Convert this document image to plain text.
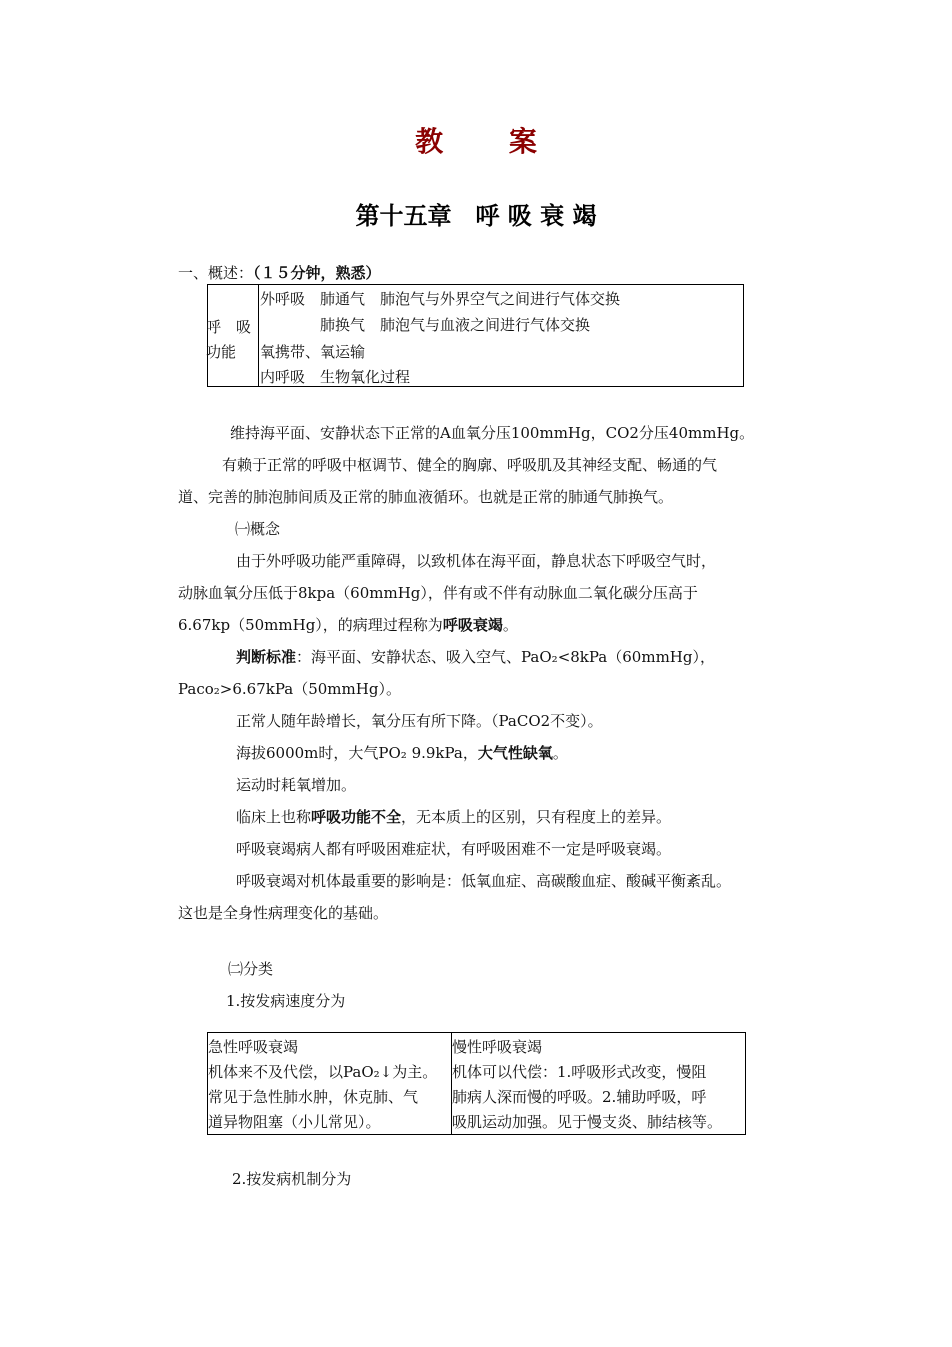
教 案
第十五章　呼 吸 衰 竭
一、概述：（１５分钟，熟悉）
呼　吸
功能
外呼吸　肺通气　肺泡气与外界空气之间进行气体交换
　　　　肺换气　肺泡气与血液之间进行气体交换
氧携带、氧运输
内呼吸　生物氧化过程
维持海平面、安静状态下正常的A血氧分压100mmHg，CO2分压40mmHg。
有赖于正常的呼吸中枢调节、健全的胸廓、呼吸肌及其神经支配、畅通的气
道、完善的肺泡肺间质及正常的肺血液循环。也就是正常的肺通气肺换气。
㈠概念
由于外呼吸功能严重障碍，以致机体在海平面，静息状态下呼吸空气时，
动脉血氧分压低于8kpa（60mmHg），伴有或不伴有动脉血二氧化碳分压高于
6.67kp（50mmHg），的病理过程称为呼吸衰竭。
判断标准：海平面、安静状态、吸入空气、PaO₂<8kPa（60mmHg），
Paco₂>6.67kPa（50mmHg）。
正常人随年龄增长，氧分压有所下降。（PaCO2不变）。
海拔6000m时，大气PO₂ 9.9kPa，大气性缺氧。
运动时耗氧增加。
临床上也称呼吸功能不全，无本质上的区别，只有程度上的差异。
呼吸衰竭病人都有呼吸困难症状，有呼吸困难不一定是呼吸衰竭。
呼吸衰竭对机体最重要的影响是：低氧血症、高碳酸血症、酸碱平衡紊乱。
这也是全身性病理变化的基础。
㈡分类
1.按发病速度分为
急性呼吸衰竭
机体来不及代偿，以PaO₂↓为主。
常见于急性肺水肿，休克肺、气
道异物阻塞（小儿常见）。
慢性呼吸衰竭
机体可以代偿：1.呼吸形式改变，慢阻
肺病人深而慢的呼吸。2.辅助呼吸，呼
吸肌运动加强。见于慢支炎、肺结核等。
2.按发病机制分为
